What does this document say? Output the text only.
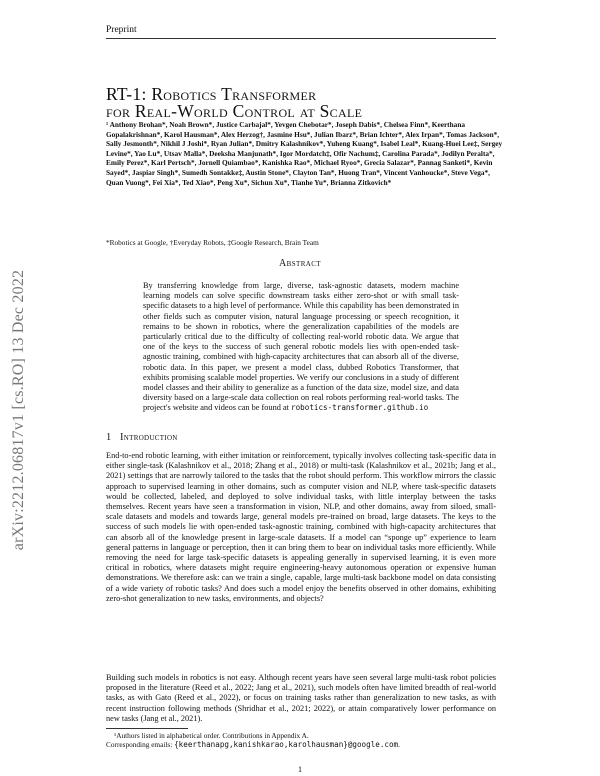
Preprint
arXiv:2212.06817v1 [cs.RO] 13 Dec 2022
RT-1: Robotics Transformer
for Real-World Control at Scale
¹ Anthony Brohan*, Noah Brown*, Justice Carbajal*, Yevgen Chebotar*, Joseph Dabis*, Chelsea Finn*, Keerthana Gopalakrishnan*, Karol Hausman*, Alex Herzog†, Jasmine Hsu*, Julian Ibarz*, Brian Ichter*, Alex Irpan*, Tomas Jackson*, Sally Jesmonth*, Nikhil J Joshi*, Ryan Julian*, Dmitry Kalashnikov*, Yuheng Kuang*, Isabel Leal*, Kuang-Huei Lee‡, Sergey Levine*, Yao Lu*, Utsav Malla*, Deeksha Manjunath*, Igor Mordatch‡, Ofir Nachum‡, Carolina Parada*, Jodilyn Peralta*, Emily Perez*, Karl Pertsch*, Jornell Quiambao*, Kanishka Rao*, Michael Ryoo*, Grecia Salazar*, Pannag Sanketi*, Kevin Sayed*, Jaspiar Singh*, Sumedh Sontakke‡, Austin Stone*, Clayton Tan*, Huong Tran*, Vincent Vanhoucke*, Steve Vega*, Quan Vuong*, Fei Xia*, Ted Xiao*, Peng Xu*, Sichun Xu*, Tianhe Yu*, Brianna Zitkovich*
*Robotics at Google, †Everyday Robots, ‡Google Research, Brain Team
Abstract
By transferring knowledge from large, diverse, task-agnostic datasets, modern machine learning models can solve specific downstream tasks either zero-shot or with small task-specific datasets to a high level of performance. While this capability has been demonstrated in other fields such as computer vision, natural language processing or speech recognition, it remains to be shown in robotics, where the generalization capabilities of the models are particularly critical due to the difficulty of collecting real-world robotic data. We argue that one of the keys to the success of such general robotic models lies with open-ended task-agnostic training, combined with high-capacity architectures that can absorb all of the diverse, robotic data. In this paper, we present a model class, dubbed Robotics Transformer, that exhibits promising scalable model properties. We verify our conclusions in a study of different model classes and their ability to generalize as a function of the data size, model size, and data diversity based on a large-scale data collection on real robots performing real-world tasks. The project's website and videos can be found at robotics-transformer.github.io
1 Introduction
End-to-end robotic learning, with either imitation or reinforcement, typically involves collecting task-specific data in either single-task (Kalashnikov et al., 2018; Zhang et al., 2018) or multi-task (Kalashnikov et al., 2021b; Jang et al., 2021) settings that are narrowly tailored to the tasks that the robot should perform. This workflow mirrors the classic approach to supervised learning in other domains, such as computer vision and NLP, where task-specific datasets would be collected, labeled, and deployed to solve individual tasks, with little interplay between the tasks themselves. Recent years have seen a transformation in vision, NLP, and other domains, away from siloed, small-scale datasets and models and towards large, general models pre-trained on broad, large datasets. The keys to the success of such models lie with open-ended task-agnostic training, combined with high-capacity architectures that can absorb all of the knowledge present in large-scale datasets. If a model can “sponge up” experience to learn general patterns in language or perception, then it can bring them to bear on individual tasks more efficiently. While removing the need for large task-specific datasets is appealing generally in supervised learning, it is even more critical in robotics, where datasets might require engineering-heavy autonomous operation or expensive human demonstrations. We therefore ask: can we train a single, capable, large multi-task backbone model on data consisting of a wide variety of robotic tasks? And does such a model enjoy the benefits observed in other domains, exhibiting zero-shot generalization to new tasks, environments, and objects?
Building such models in robotics is not easy. Although recent years have seen several large multi-task robot policies proposed in the literature (Reed et al., 2022; Jang et al., 2021), such models often have limited breadth of real-world tasks, as with Gato (Reed et al., 2022), or focus on training tasks rather than generalization to new tasks, as with recent instruction following methods (Shridhar et al., 2021; 2022), or attain comparatively lower performance on new tasks (Jang et al., 2021).
¹Authors listed in alphabetical order. Contributions in Appendix A.
Corresponding emails: {keerthanapg,kanishkarao,karolhausman}@google.com.
1
